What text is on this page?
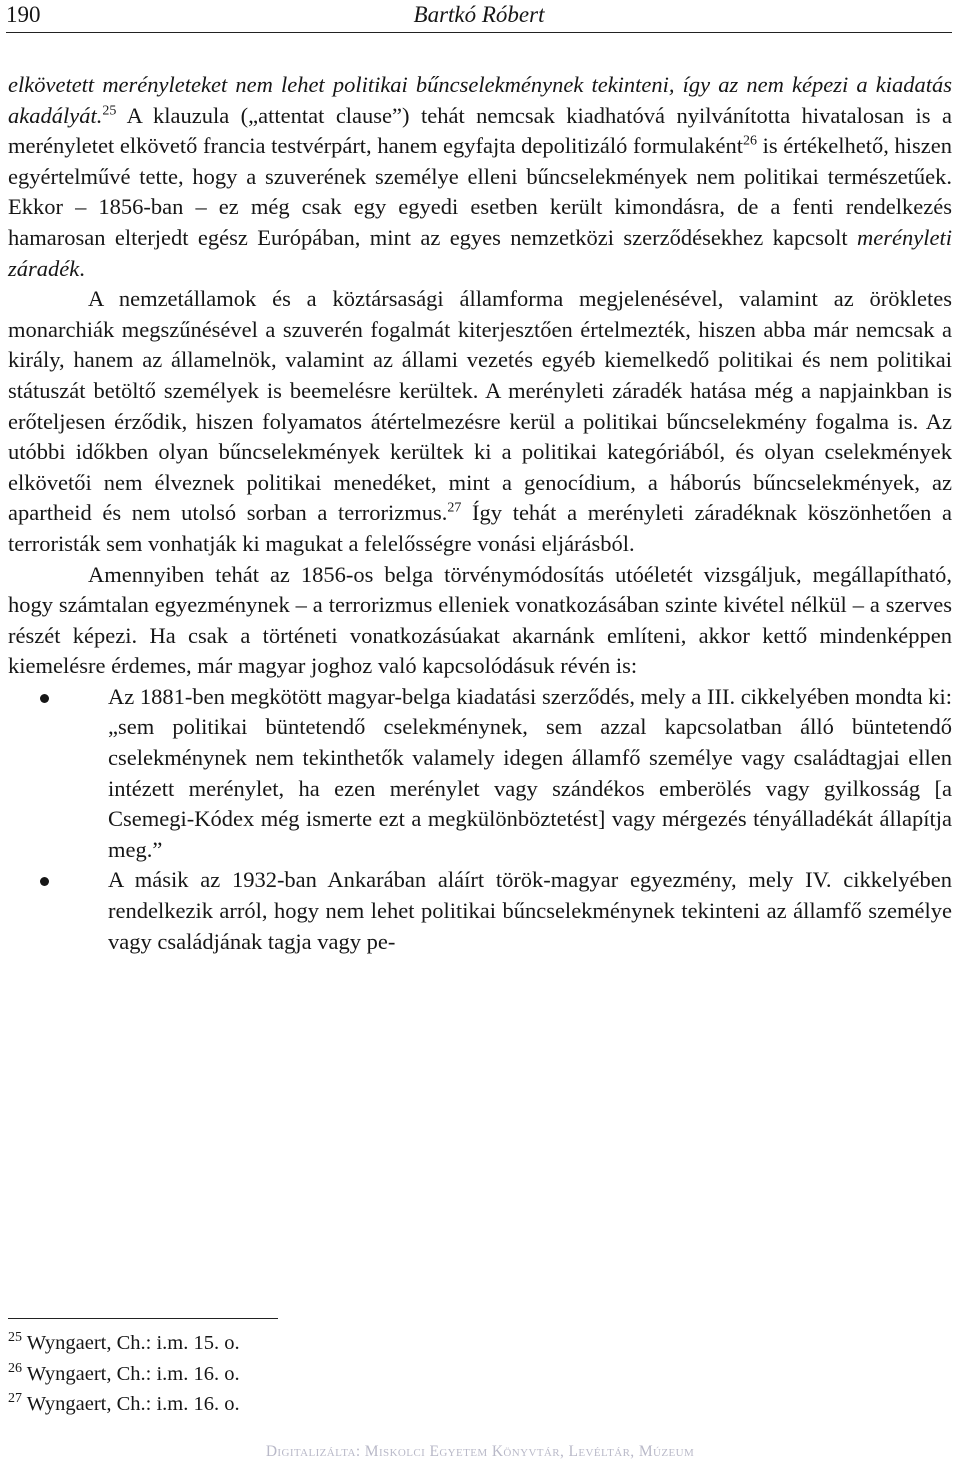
190	Bartkó Róbert

elkövetett merényleteket nem lehet politikai bűncselekménynek tekinteni, így az nem képezi a kiadatás akadályát.$^{25}$ A klauzula („attentat clause”) tehát nemcsak kiadhatóvá nyilvánította hivatalosan is a merényletet elkövető francia testvérpárt, hanem egyfajta depolitizáló formulaként$^{26}$ is értékelhető, hiszen egyértelművé tette, hogy a szuverének személye elleni bűncselekmények nem politikai természetűek. Ekkor – 1856-ban – ez még csak egy egyedi esetben került kimondásra, de a fenti rendelkezés hamarosan elterjedt egész Európában, mint az egyes nemzetközi szerződésekhez kapcsolt merényleti záradék.

A nemzetállamok és a köztársasági államforma megjelenésével, valamint az örökletes monarchiák megszűnésével a szuverén fogalmát kiterjesztően értelmezték, hiszen abba már nemcsak a király, hanem az államelnök, valamint az állami vezetés egyéb kiemelkedő politikai és nem politikai státuszát betöltő személyek is beemelésre kerültek. A merényleti záradék hatása még a napjainkban is erőteljesen érződik, hiszen folyamatos átértelmezésre kerül a politikai bűncselekmény fogalma is. Az utóbbi időkben olyan bűncselekmények kerültek ki a politikai kategóriából, és olyan cselekmények elkövetői nem élveznek politikai menedéket, mint a genocídium, a háborús bűncselekmények, az apartheid és nem utolsó sorban a terrorizmus.$^{27}$ Így tehát a merényleti záradéknak köszönhetően a terroristák sem vonhatják ki magukat a felelősségre vonási eljárásból.

Amennyiben tehát az 1856-os belga törvénymódosítás utóéletét vizsgáljuk, megállapítható, hogy számtalan egyezménynek – a terrorizmus elleniek vonatkozásában szinte kivétel nélkül – a szerves részét képezi. Ha csak a történeti vonatkozásúakat akarnánk említeni, akkor kettő mindenképpen kiemelésre érdemes, már magyar joghoz való kapcsolódásuk révén is:

Az 1881-ben megkötött magyar-belga kiadatási szerződés, mely a III. cikkelyében mondta ki: „sem politikai büntetendő cselekménynek, sem azzal kapcsolatban álló büntetendő cselekménynek nem tekinthetők valamely idegen államfő személye vagy családtagjai ellen intézett merénylet, ha ezen merénylet vagy szándékos emberölés vagy gyilkosság [a Csemegi-Kódex még ismerte ezt a megkülönböztetést] vagy mérgezés tényálladékát állapítja meg.”
A másik az 1932-ban Ankarában aláírt török-magyar egyezmény, mely IV. cikkelyében rendelkezik arról, hogy nem lehet politikai bűncselekménynek tekinteni az államfő személye vagy családjának tagja vagy pe-
$^{25}$ Wyngaert, Ch.: i.m. 15. o.
$^{26}$ Wyngaert, Ch.: i.m. 16. o.
$^{27}$ Wyngaert, Ch.: i.m. 16. o.
Digitalizálta: Miskolci Egyetem Könyvtár, Levéltár, Múzeum
